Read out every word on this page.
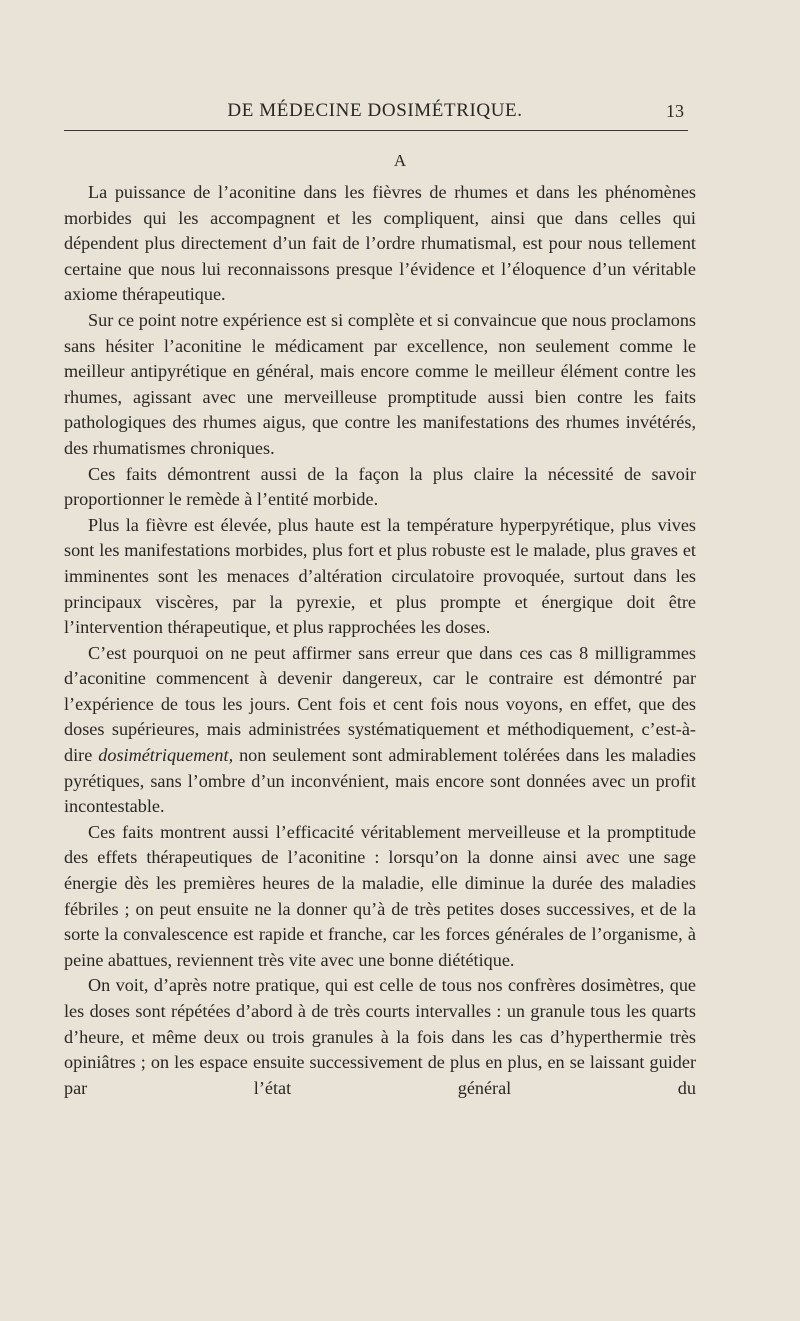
DE MÉDECINE DOSIMÉTRIQUE.	13
A

La puissance de l’aconitine dans les fièvres de rhumes et dans les phénomènes morbides qui les accompagnent et les compliquent, ainsi que dans celles qui dépendent plus directement d’un fait de l’ordre rhumatismal, est pour nous tellement certaine que nous lui reconnaissons presque l’évidence et l’éloquence d’un véritable axiome thérapeutique.

Sur ce point notre expérience est si complète et si convaincue que nous proclamons sans hésiter l’aconitine le médicament par excellence, non seulement comme le meilleur antipyrétique en général, mais encore comme le meilleur élément contre les rhumes, agissant avec une merveilleuse promptitude aussi bien contre les faits pathologiques des rhumes aigus, que contre les manifestations des rhumes invétérés, des rhumatismes chroniques.

Ces faits démontrent aussi de la façon la plus claire la nécessité de savoir proportionner le remède à l’entité morbide.

Plus la fièvre est élevée, plus haute est la température hyperpyrétique, plus vives sont les manifestations morbides, plus fort et plus robuste est le malade, plus graves et imminentes sont les menaces d’altération circulatoire provoquée, surtout dans les principaux viscères, par la pyrexie, et plus prompte et énergique doit être l’intervention thérapeutique, et plus rapprochées les doses.

C’est pourquoi on ne peut affirmer sans erreur que dans ces cas 8 milligrammes d’aconitine commencent à devenir dangereux, car le contraire est démontré par l’expérience de tous les jours. Cent fois et cent fois nous voyons, en effet, que des doses supérieures, mais administrées systématiquement et méthodiquement, c’est-à-dire dosimétriquement, non seulement sont admirablement tolérées dans les maladies pyrétiques, sans l’ombre d’un inconvénient, mais encore sont données avec un profit incontestable.

Ces faits montrent aussi l’efficacité véritablement merveilleuse et la promptitude des effets thérapeutiques de l’aconitine : lorsqu’on la donne ainsi avec une sage énergie dès les premières heures de la maladie, elle diminue la durée des maladies fébriles ; on peut ensuite ne la donner qu’à de très petites doses successives, et de la sorte la convalescence est rapide et franche, car les forces générales de l’organisme, à peine abattues, reviennent très vite avec une bonne diététique.

On voit, d’après notre pratique, qui est celle de tous nos confrères dosimètres, que les doses sont répétées d’abord à de très courts intervalles : un granule tous les quarts d’heure, et même deux ou trois granules à la fois dans les cas d’hyperthermie très opiniâtres ; on les espace ensuite successivement de plus en plus, en se laissant guider par l’état général du
